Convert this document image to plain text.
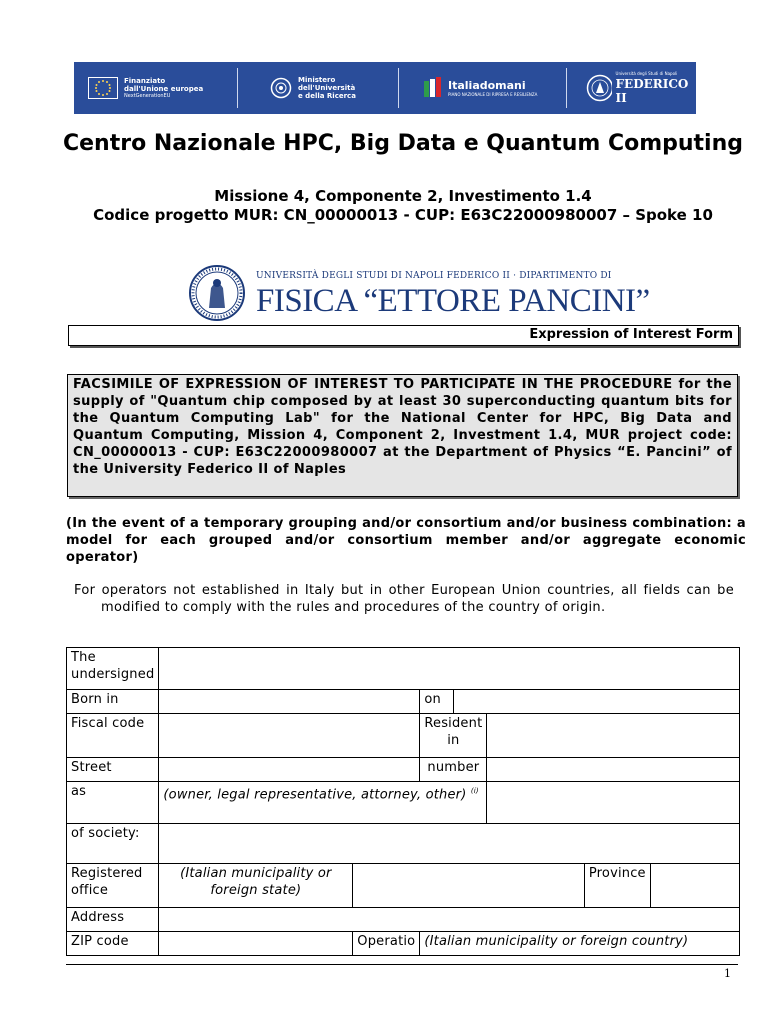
Finanziato
dall'Unione europea
NextGenerationEU
Ministero
dell'Università
e della Ricerca
Italiadomani
PIANO NAZIONALE DI RIPRESA E RESILIENZA
Università degli Studi di Napoli
FEDERICO II
Centro Nazionale HPC, Big Data e Quantum Computing
Missione 4, Componente 2, Investimento 1.4
Codice progetto MUR: CN_00000013 - CUP: E63C22000980007 – Spoke 10
UNIVERSITÀ DEGLI STUDI DI NAPOLI FEDERICO II · DIPARTIMENTO DI
FISICA “ETTORE PANCINI”
Expression of Interest Form

FACSIMILE OF EXPRESSION OF INTEREST TO PARTICIPATE IN THE PROCEDURE for the supply of "Quantum chip composed by at least 30 superconducting quantum bits for the Quantum Computing Lab" for the National Center for HPC, Big Data and Quantum Computing, Mission 4, Component 2, Investment 1.4, MUR project code: CN_00000013 - CUP: E63C22000980007 at the Department of Physics “E. Pancini” of the University Federico II of Naples

(In the event of a temporary grouping and/or consortium and/or business combination: a model for each grouped and/or consortium member and/or aggregate economic operator)

For operators not established in Italy but in other European Union countries, all fields can be modified to comply with the rules and procedures of the country of origin.

The undersigned							
Born in			on				
Fiscal code			Resident in				
Street			number				
as	(owner, legal representative, attorney, other) $^{(i)}$	
of society:							
Registered office	(Italian municipality or foreign state)					Province	
Address							
ZIP code		Operatio	(Italian municipality or foreign country)				
1
